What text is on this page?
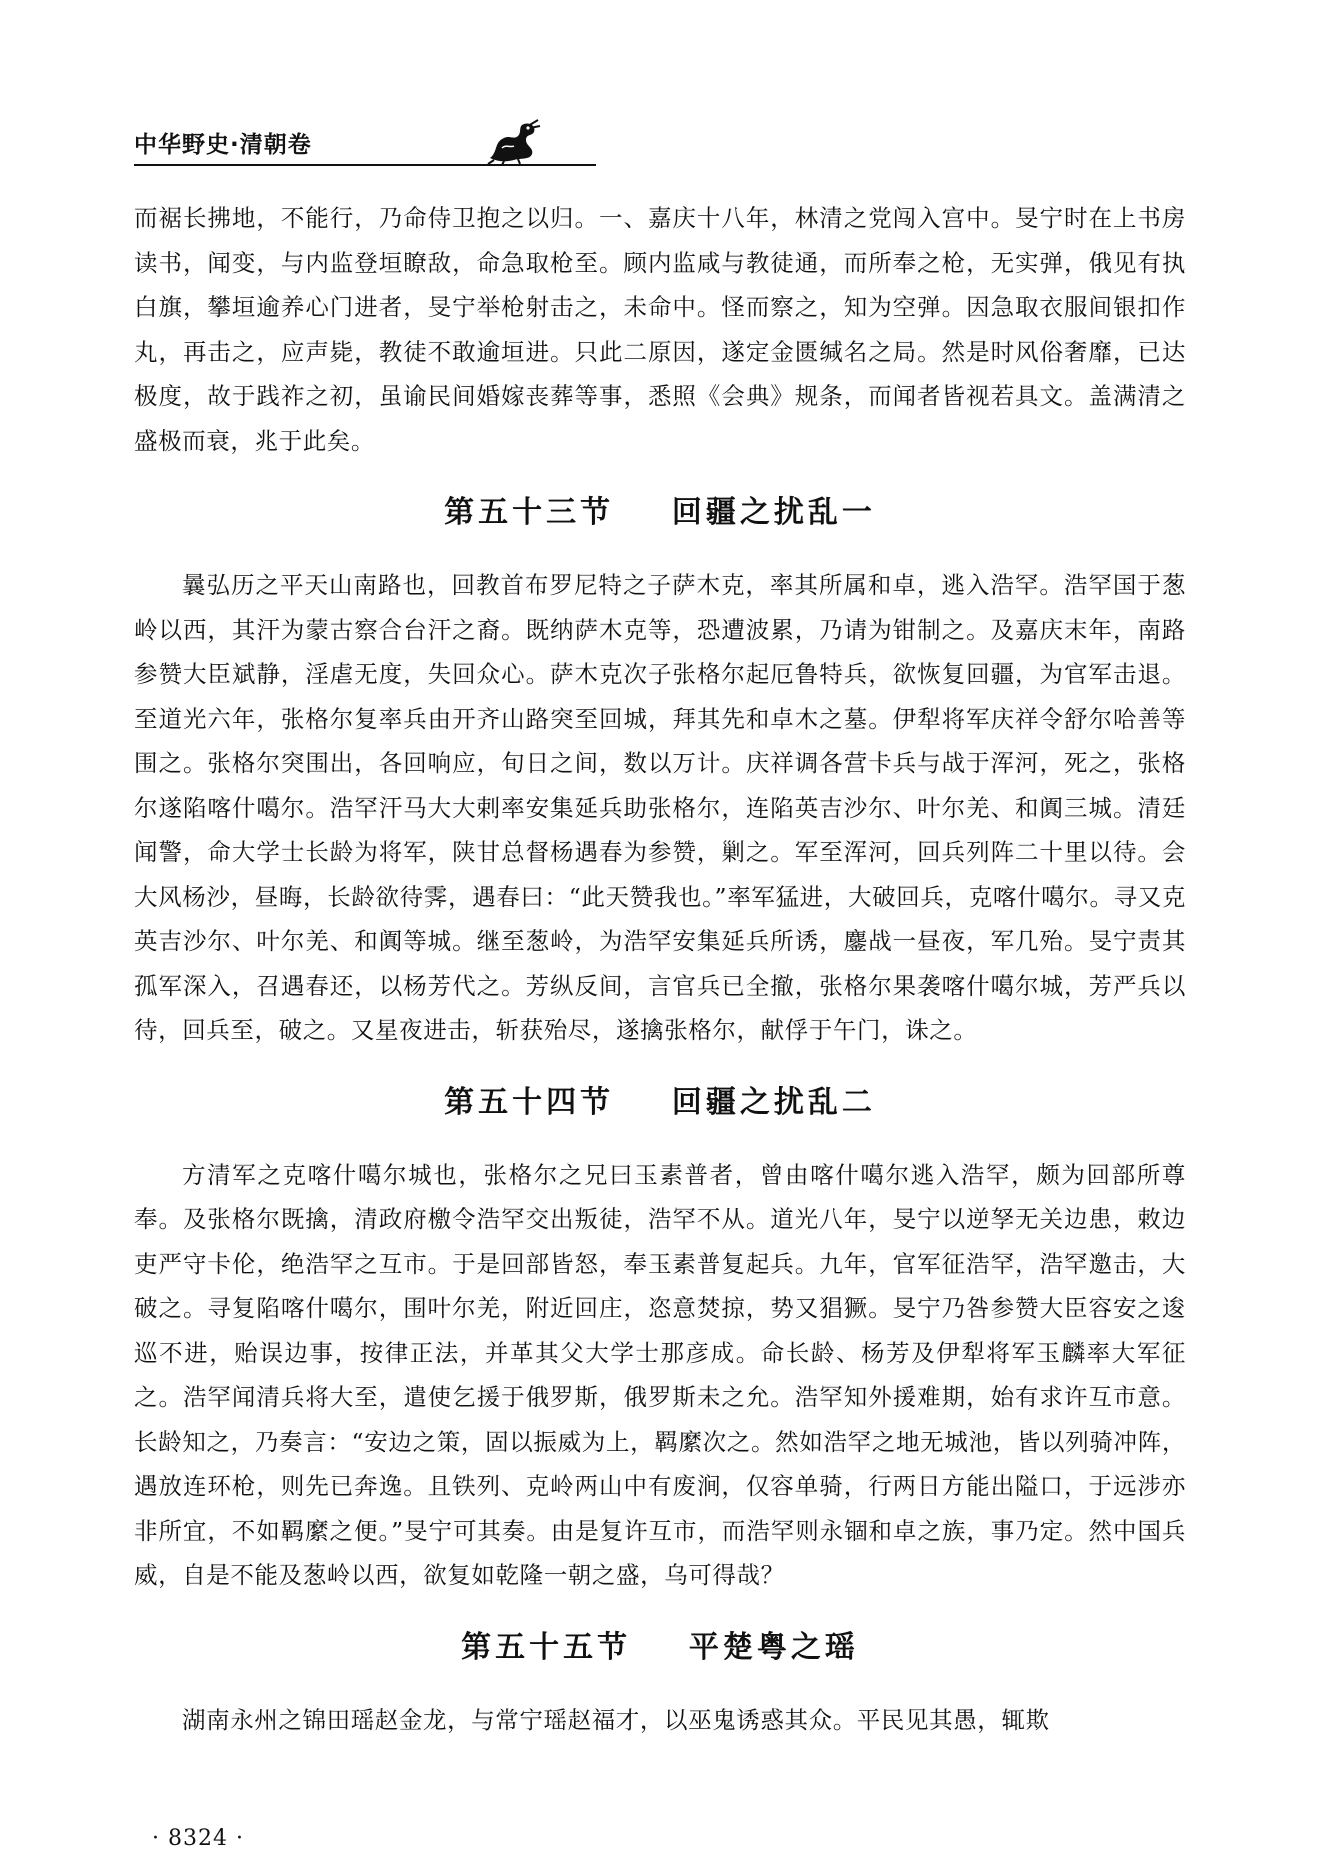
中华野史·清朝卷

而裾长拂地，不能行，乃命侍卫抱之以归。一、嘉庆十八年，林清之党闯入宫中。旻宁时在上书房读书，闻变，与内监登垣瞭敌，命急取枪至。顾内监咸与教徒通，而所奉之枪，无实弹，俄见有执白旗，攀垣逾养心门进者，旻宁举枪射击之，未命中。怪而察之，知为空弹。因急取衣服间银扣作丸，再击之，应声毙，教徒不敢逾垣进。只此二原因，遂定金匮缄名之局。然是时风俗奢靡，已达极度，故于践祚之初，虽谕民间婚嫁丧葬等事，悉照《会典》规条，而闻者皆视若具文。盖满清之盛极而衰，兆于此矣。

第五十三节 回疆之扰乱一

曩弘历之平天山南路也，回教首布罗尼特之子萨木克，率其所属和卓，逃入浩罕。浩罕国于葱岭以西，其汗为蒙古察合台汗之裔。既纳萨木克等，恐遭波累，乃请为钳制之。及嘉庆末年，南路参赞大臣斌静，淫虐无度，失回众心。萨木克次子张格尔起厄鲁特兵，欲恢复回疆，为官军击退。至道光六年，张格尔复率兵由开齐山路突至回城，拜其先和卓木之墓。伊犁将军庆祥令舒尔哈善等围之。张格尔突围出，各回响应，旬日之间，数以万计。庆祥调各营卡兵与战于浑河，死之，张格尔遂陷喀什噶尔。浩罕汗马大大剌率安集延兵助张格尔，连陷英吉沙尔、叶尔羌、和阗三城。清廷闻警，命大学士长龄为将军，陕甘总督杨遇春为参赞，剿之。军至浑河，回兵列阵二十里以待。会大风杨沙，昼晦，长龄欲待霁，遇春曰：“此天赞我也。”率军猛进，大破回兵，克喀什噶尔。寻又克英吉沙尔、叶尔羌、和阗等城。继至葱岭，为浩罕安集延兵所诱，鏖战一昼夜，军几殆。旻宁责其孤军深入，召遇春还，以杨芳代之。芳纵反间，言官兵已全撤，张格尔果袭喀什噶尔城，芳严兵以待，回兵至，破之。又星夜进击，斩获殆尽，遂擒张格尔，献俘于午门，诛之。

第五十四节 回疆之扰乱二

方清军之克喀什噶尔城也，张格尔之兄曰玉素普者，曾由喀什噶尔逃入浩罕，颇为回部所尊奉。及张格尔既擒，清政府檄令浩罕交出叛徒，浩罕不从。道光八年，旻宁以逆孥无关边患，敕边吏严守卡伦，绝浩罕之互市。于是回部皆怒，奉玉素普复起兵。九年，官军征浩罕，浩罕邀击，大破之。寻复陷喀什噶尔，围叶尔羌，附近回庄，恣意焚掠，势又猖獗。旻宁乃咎参赞大臣容安之逡巡不进，贻误边事，按律正法，并革其父大学士那彦成。命长龄、杨芳及伊犁将军玉麟率大军征之。浩罕闻清兵将大至，遣使乞援于俄罗斯，俄罗斯未之允。浩罕知外援难期，始有求许互市意。长龄知之，乃奏言：“安边之策，固以振威为上，羁縻次之。然如浩罕之地无城池，皆以列骑冲阵，遇放连环枪，则先已奔逸。且铁列、克岭两山中有废涧，仅容单骑，行两日方能出隘口，于远涉亦非所宜，不如羁縻之便。”旻宁可其奏。由是复许互市，而浩罕则永锢和卓之族，事乃定。然中国兵威，自是不能及葱岭以西，欲复如乾隆一朝之盛，乌可得哉？

第五十五节 平楚粤之瑶

湖南永州之锦田瑶赵金龙，与常宁瑶赵福才，以巫鬼诱惑其众。平民见其愚，辄欺

· 8324 ·
